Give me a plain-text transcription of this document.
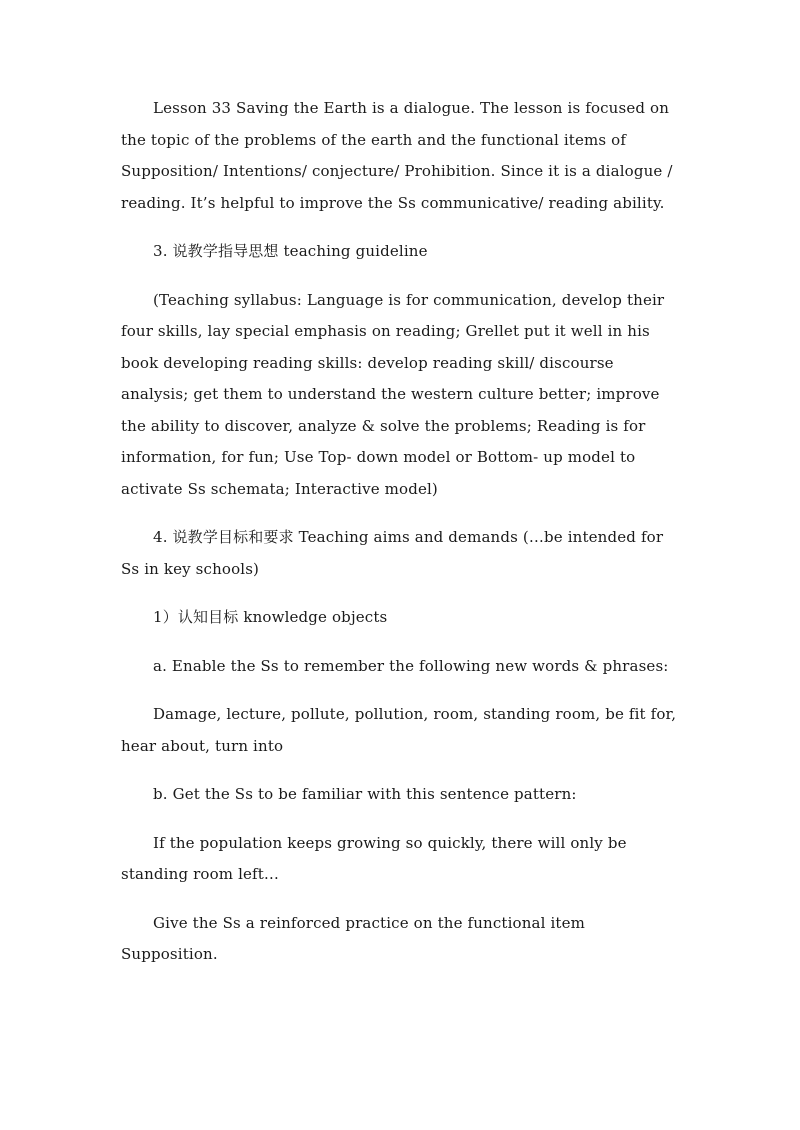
Lesson 33 Saving the Earth is a dialogue. The lesson is focused on the topic of the problems of the earth and the functional items of Supposition/ Intentions/ conjecture/ Prohibition. Since it is a dialogue / reading. It’s helpful to improve the Ss communicative/ reading ability.

3. 说教学指导思想 teaching guideline

(Teaching syllabus: Language is for communication, develop their four skills, lay special emphasis on reading; Grellet put it well in his book developing reading skills: develop reading skill/ discourse analysis; get them to understand the western culture better; improve the ability to discover, analyze & solve the problems; Reading is for information, for fun; Use Top- down model or Bottom- up model to activate Ss schemata; Interactive model)

4. 说教学目标和要求 Teaching aims and demands (…be intended for Ss in key schools)

1）认知目标 knowledge objects

a. Enable the Ss to remember the following new words & phrases:

Damage, lecture, pollute, pollution, room, standing room, be fit for, hear about, turn into

b. Get the Ss to be familiar with this sentence pattern:

If the population keeps growing so quickly, there will only be standing room left…

Give the Ss a reinforced practice on the functional item Supposition.
